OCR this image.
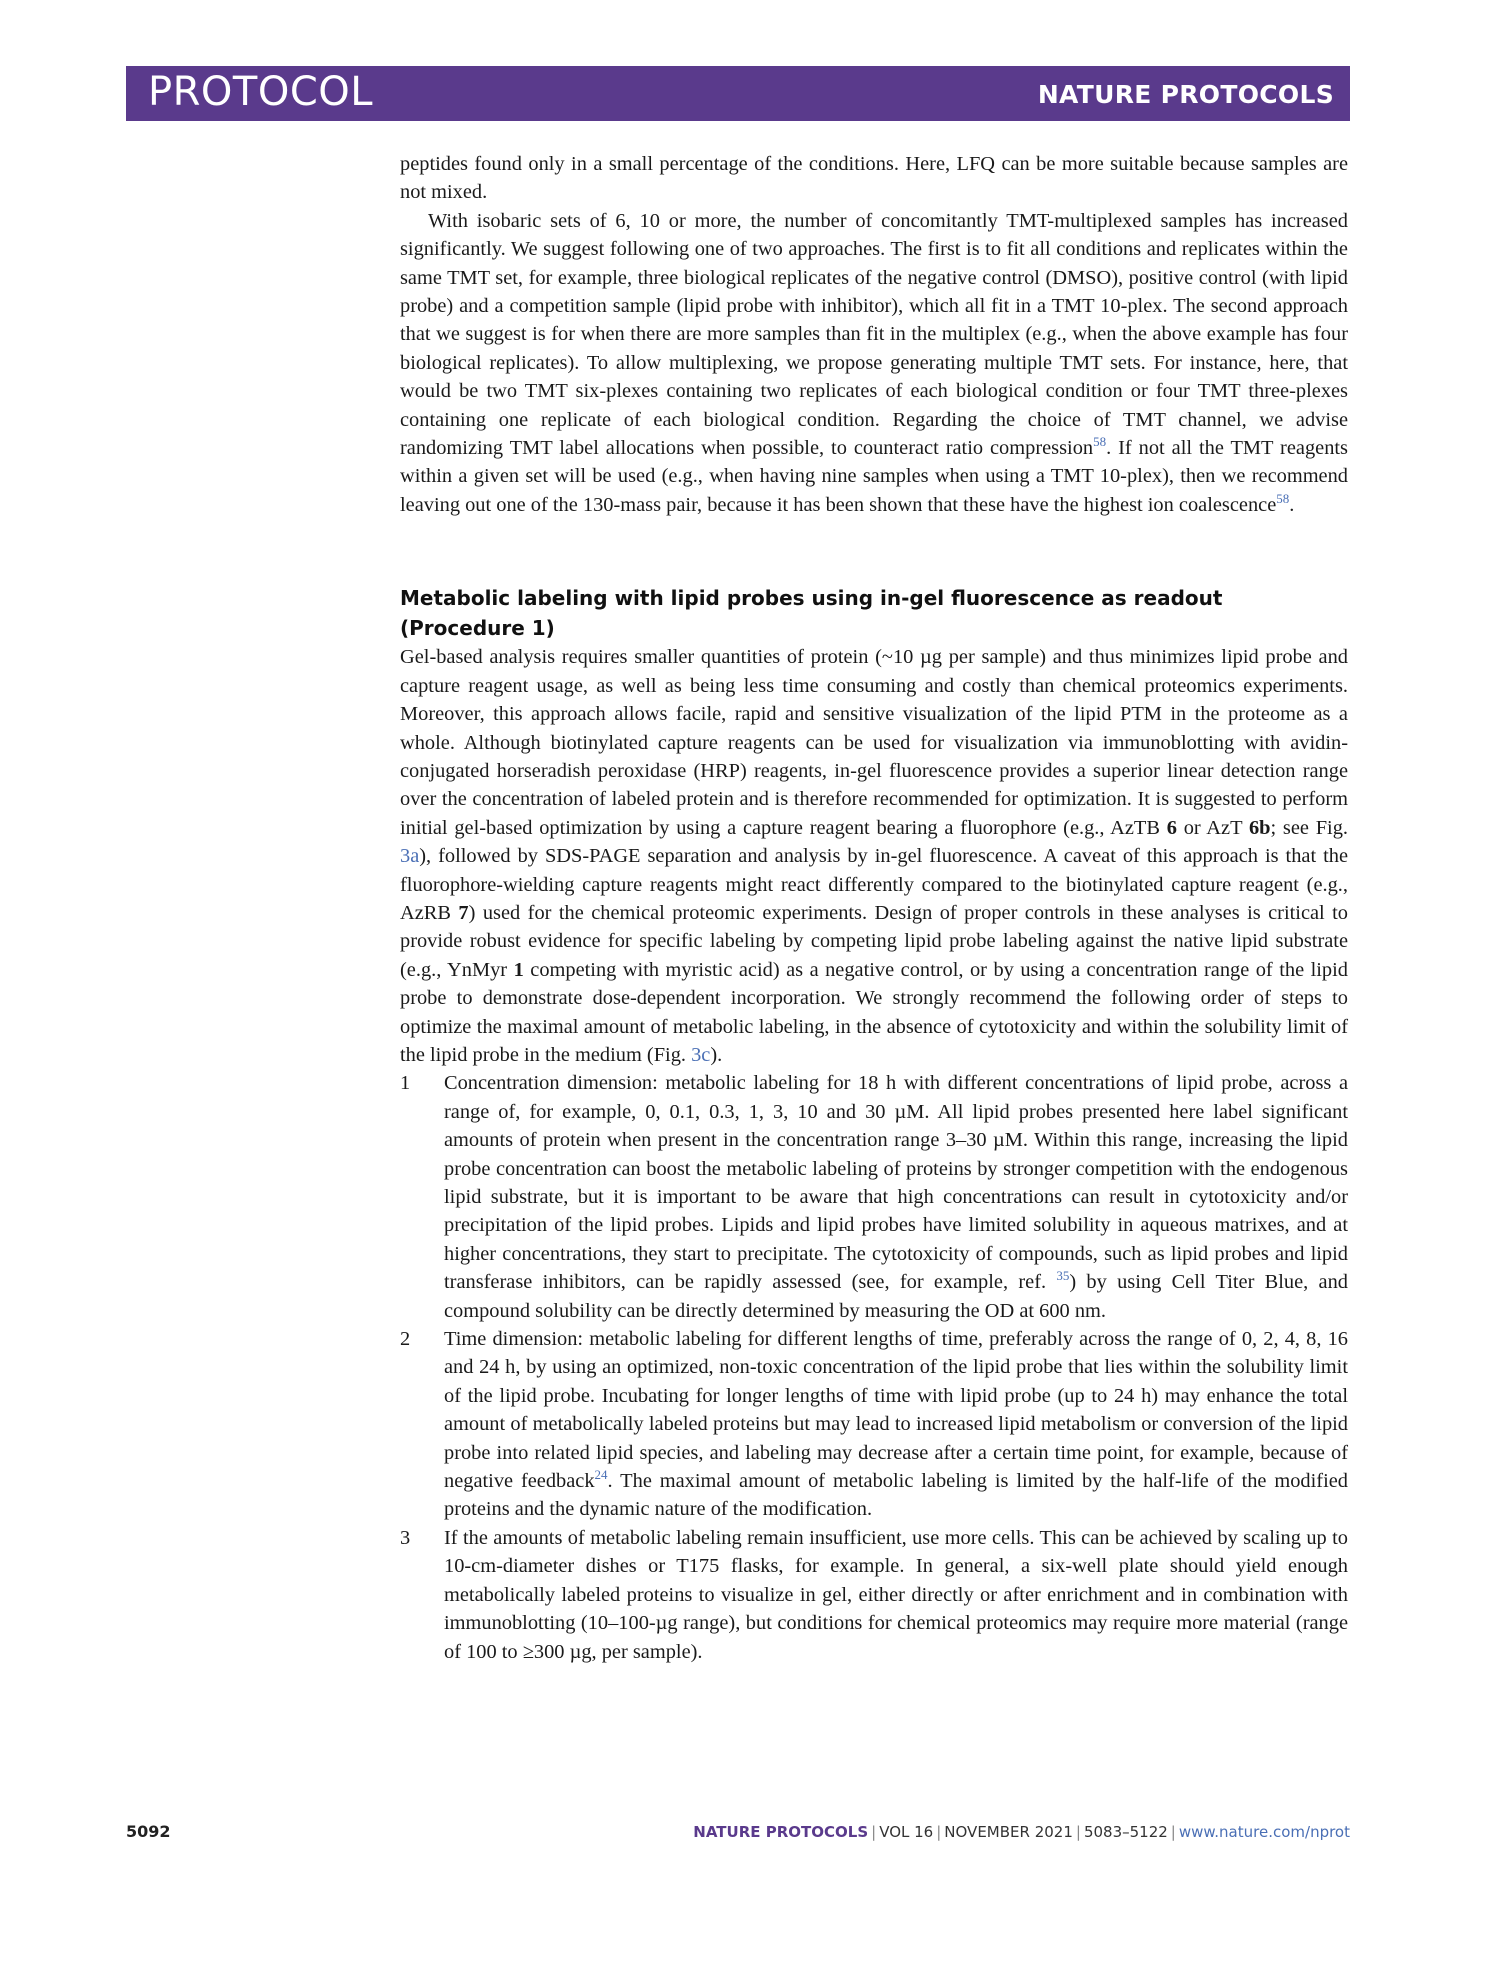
PROTOCOL	NATURE PROTOCOLS

peptides found only in a small percentage of the conditions. Here, LFQ can be more suitable because samples are not mixed.

With isobaric sets of 6, 10 or more, the number of concomitantly TMT-multiplexed samples has increased significantly. We suggest following one of two approaches. The first is to fit all conditions and replicates within the same TMT set, for example, three biological replicates of the negative control (DMSO), positive control (with lipid probe) and a competition sample (lipid probe with inhibitor), which all fit in a TMT 10-plex. The second approach that we suggest is for when there are more samples than fit in the multiplex (e.g., when the above example has four biological replicates). To allow multiplexing, we propose generating multiple TMT sets. For instance, here, that would be two TMT six-plexes containing two replicates of each biological condition or four TMT three-plexes containing one replicate of each biological condition. Regarding the choice of TMT channel, we advise randomizing TMT label allocations when possible, to counteract ratio compression$^{58}$. If not all the TMT reagents within a given set will be used (e.g., when having nine samples when using a TMT 10-plex), then we recommend leaving out one of the 130-mass pair, because it has been shown that these have the highest ion coalescence$^{58}$.

Metabolic labeling with lipid probes using in-gel fluorescence as readout (Procedure 1)

Gel-based analysis requires smaller quantities of protein (~10 µg per sample) and thus minimizes lipid probe and capture reagent usage, as well as being less time consuming and costly than chemical proteomics experiments. Moreover, this approach allows facile, rapid and sensitive visualization of the lipid PTM in the proteome as a whole. Although biotinylated capture reagents can be used for visualization via immunoblotting with avidin-conjugated horseradish peroxidase (HRP) reagents, in-gel fluorescence provides a superior linear detection range over the concentration of labeled protein and is therefore recommended for optimization. It is suggested to perform initial gel-based optimization by using a capture reagent bearing a fluorophore (e.g., AzTB 6 or AzT 6b; see Fig. 3a), followed by SDS-PAGE separation and analysis by in-gel fluorescence. A caveat of this approach is that the fluorophore-wielding capture reagents might react differently compared to the biotinylated capture reagent (e.g., AzRB 7) used for the chemical proteomic experiments. Design of proper controls in these analyses is critical to provide robust evidence for specific labeling by competing lipid probe labeling against the native lipid substrate (e.g., YnMyr 1 competing with myristic acid) as a negative control, or by using a concentration range of the lipid probe to demonstrate dose-dependent incorporation. We strongly recommend the following order of steps to optimize the maximal amount of metabolic labeling, in the absence of cytotoxicity and within the solubility limit of the lipid probe in the medium (Fig. 3c).

1 Concentration dimension: metabolic labeling for 18 h with different concentrations of lipid probe, across a range of, for example, 0, 0.1, 0.3, 1, 3, 10 and 30 µM. All lipid probes presented here label significant amounts of protein when present in the concentration range 3–30 µM. Within this range, increasing the lipid probe concentration can boost the metabolic labeling of proteins by stronger competition with the endogenous lipid substrate, but it is important to be aware that high concentrations can result in cytotoxicity and/or precipitation of the lipid probes. Lipids and lipid probes have limited solubility in aqueous matrixes, and at higher concentrations, they start to precipitate. The cytotoxicity of compounds, such as lipid probes and lipid transferase inhibitors, can be rapidly assessed (see, for example, ref. $^{35}$) by using Cell Titer Blue, and compound solubility can be directly determined by measuring the OD at 600 nm.
2 Time dimension: metabolic labeling for different lengths of time, preferably across the range of 0, 2, 4, 8, 16 and 24 h, by using an optimized, non-toxic concentration of the lipid probe that lies within the solubility limit of the lipid probe. Incubating for longer lengths of time with lipid probe (up to 24 h) may enhance the total amount of metabolically labeled proteins but may lead to increased lipid metabolism or conversion of the lipid probe into related lipid species, and labeling may decrease after a certain time point, for example, because of negative feedback$^{24}$. The maximal amount of metabolic labeling is limited by the half-life of the modified proteins and the dynamic nature of the modification.
3 If the amounts of metabolic labeling remain insufficient, use more cells. This can be achieved by scaling up to 10-cm-diameter dishes or T175 flasks, for example. In general, a six-well plate should yield enough metabolically labeled proteins to visualize in gel, either directly or after enrichment and in combination with immunoblotting (10–100-µg range), but conditions for chemical proteomics may require more material (range of 100 to ≥300 µg, per sample).
5092	NATURE PROTOCOLS | VOL 16 | NOVEMBER 2021 | 5083–5122 | www.nature.com/nprot
